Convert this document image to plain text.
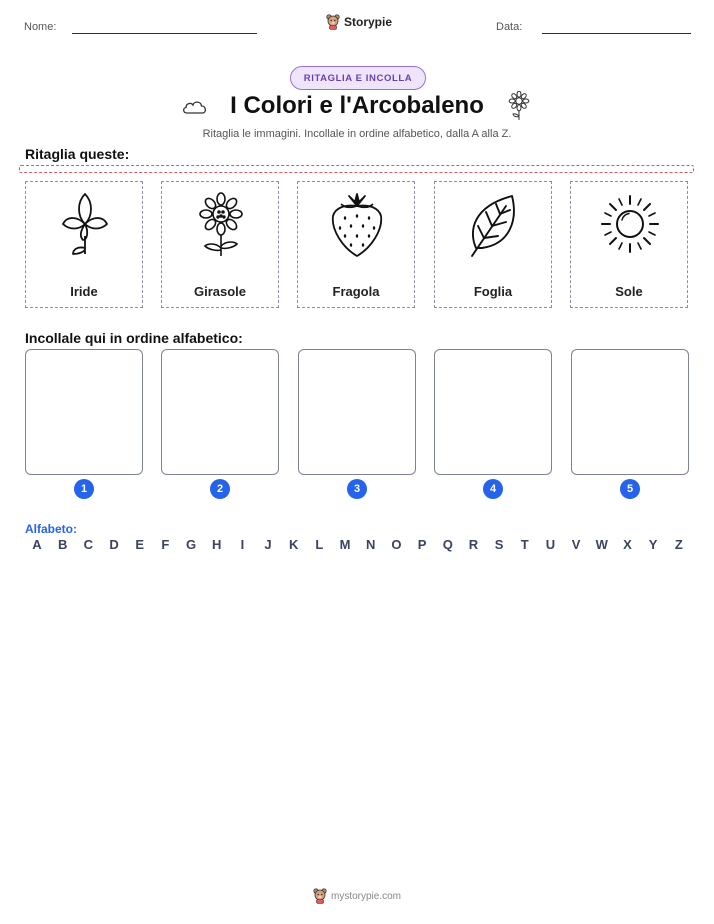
Nome:	Storypie	Data:
RITAGLIA E INCOLLA
I Colori e l'Arcobaleno
Ritaglia le immagini. Incollale in ordine alfabetico, dalla A alla Z.
Ritaglia queste:
Iride	Girasole	Fragola	Foglia	Sole
Incollale qui in ordine alfabetico:
1	2	3	4	5
Alfabeto:
A	B	C	D	E	F	G	H	I	J	K	L	M	N	O	P	Q	R	S	T	U	V	W	X	Y	Z
mystorypie.com
